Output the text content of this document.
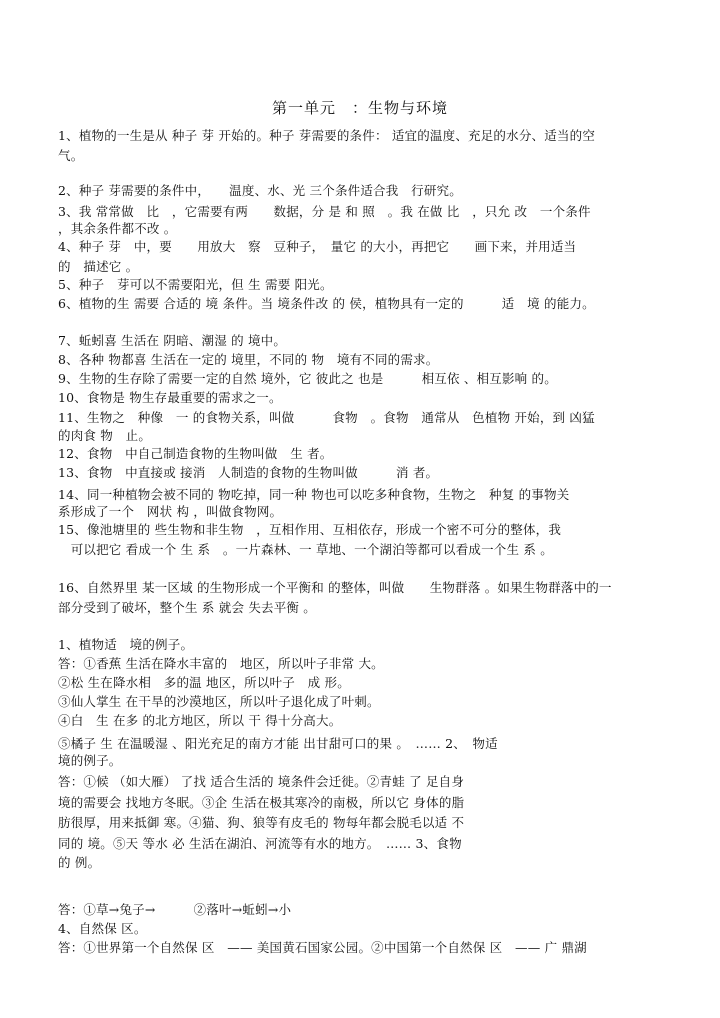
第一单元　：生物与环境
1、植物的一生是从 种子 芽 开始的。种子 芽需要的条件： 适宜的温度、充足的水分、适当的空
气。
2、种子 芽需要的条件中，　　温度、水、光 三个条件适合我　行研究。
3、我 常常做　比　，它需要有两　　数据，分 是 和 照　。我 在做 比　，只允 改　一个条件
，其余条件都不改 。
4、种子 芽　中，要　　用放大　察　豆种子，　量它 的大小，再把它　　画下来，并用适当
的　描述它 。
5、种子　芽可以不需要阳光，但 生 需要 阳光。
6、植物的生 需要 合适的 境 条件。当 境条件改 的 侯，植物具有一定的　　　适　境 的能力。
7、蚯蚓喜 生活在 阴暗、潮湿 的 境中。
8、各种 物都喜 生活在一定的 境里，不同的 物　境有不同的需求。
9、生物的生存除了需要一定的自然 境外，它 彼此之 也是　　　相互依 、相互影响 的。
10、食物是 物生存最重要的需求之一。
11、生物之　种像　一 的食物关系，叫做　　　食物　。食物　通常从　色植物 开始，到 凶猛
的肉食 物　止。
12、食物　中自己制造食物的生物叫做　生 者。
13、食物　中直接或 接消　人制造的食物的生物叫做　　　消 者。
14、同一种植物会被不同的 物吃掉，同一种 物也可以吃多种食物，生物之　种复 的事物关
系形成了一个　网状 构 ，叫做食物网。
15、像池塘里的 些生物和非生物　，互相作用、互相依存，形成一个密不可分的整体，我
　可以把它 看成一个 生 系　。一片森林、一 草地、一个湖泊等都可以看成一个生 系 。
16、自然界里 某一区域 的生物形成一个平衡和 的整体，叫做　　生物群落 。如果生物群落中的一
部分受到了破坏，整个生 系 就会 失去平衡 。
1、植物适　境的例子。
答：①香蕉 生活在降水丰富的　地区，所以叶子非常 大。
②松 生在降水相　多的温 地区，所以叶子　成 形。
③仙人掌生 在干旱的沙漠地区，所以叶子退化成了叶刺。
④白　生 在多 的北方地区，所以 干 得十分高大。
⑤橘子 生 在温暖湿 、阳光充足的南方才能 出甘甜可口的果 。　…… 2、　物适
境的例子。
答：①候 （如大雁） 了找 适合生活的 境条件会迁徙。②青蛙 了 足自身
境的需要会 找地方冬眠。③企 生活在极其寒冷的南极，所以它 身体的脂
肪很厚，用来抵御 寒。④猫、狗、狼等有皮毛的 物每年都会脱毛以适 不
同的 境。⑤天 等水 必 生活在湖泊、河流等有水的地方。　…… 3、食物
的 例。
答：①草→兔子→　　　②落叶→蚯蚓→小
4、自然保 区。
答：①世界第一个自然保 区　—— 美国黄石国家公园。②中国第一个自然保 区　—— 广 鼎湖
